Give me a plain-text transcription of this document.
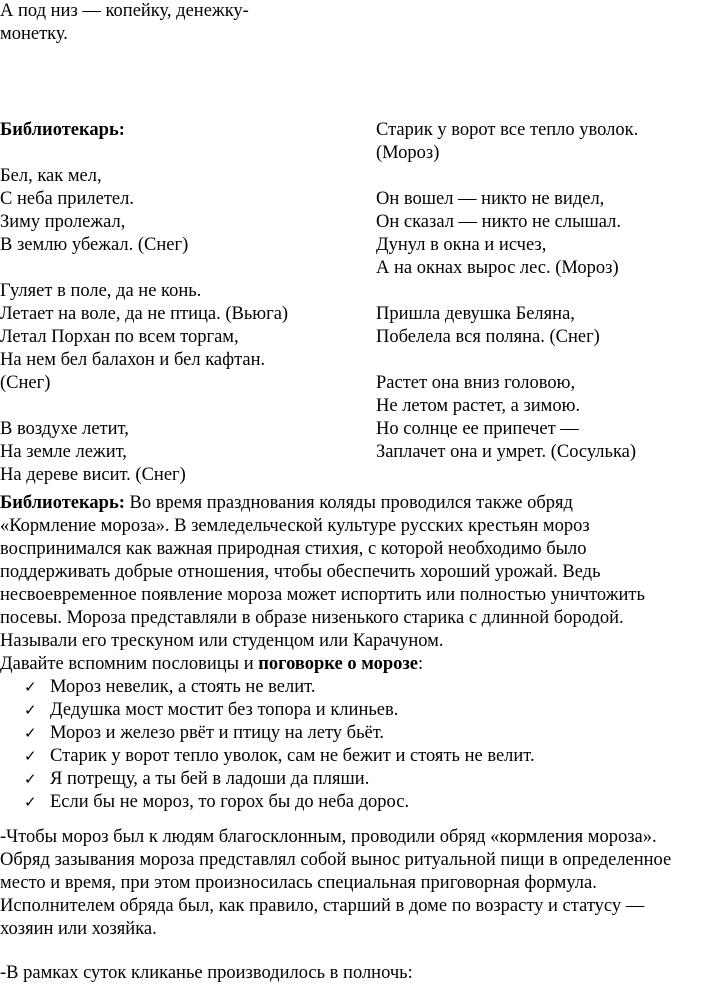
А под низ — копейку, денежку-
монетку.
Библиотекарь:
Бел, как мел,
С неба прилетел.
Зиму пролежал,
В землю убежал. (Снег)
Гуляет в поле, да не конь.
Летает на воле, да не птица. (Вьюга)
Летал Порхан по всем торгам,
На нем бел балахон и бел кафтан.
(Снег)
В воздухе летит,
На земле лежит,
На дереве висит. (Снег)
Старик у ворот все тепло уволок.
(Мороз)
Он вошел — никто не видел,
Он сказал — никто не слышал.
Дунул в окна и исчез,
А на окнах вырос лес. (Мороз)
Пришла девушка Беляна,
Побелела вся поляна. (Снег)
Растет она вниз головою,
Не летом растет, а зимою.
Но солнце ее припечет —
Заплачет она и умрет. (Сосулька)
Библиотекарь: Во время празднования коляды проводился также обряд
«Кормление мороза». В земледельческой культуре русских крестьян мороз
воспринимался как важная природная стихия, с которой необходимо было
поддерживать добрые отношения, чтобы обеспечить хороший урожай. Ведь
несвоевременное появление мороза может испортить или полностью уничтожить
посевы. Мороза представляли в образе низенького старика с длинной бородой.
Называли его трескуном или студенцом или Карачуном.
Давайте вспомним пословицы и поговорке о морозе:
✓ Мороз невелик, а стоять не велит.
✓ Дедушка мост мостит без топора и клиньев.
✓ Мороз и железо рвёт и птицу на лету бьёт.
✓ Старик у ворот тепло уволок, сам не бежит и стоять не велит.
✓ Я потрещу, а ты бей в ладоши да пляши.
✓ Если бы не мороз, то горох бы до неба дорос.
-Чтобы мороз был к людям благосклонным, проводили обряд «кормления мороза».
Обряд зазывания мороза представлял собой вынос ритуальной пищи в определенное
место и время, при этом произносилась специальная приговорная формула.
Исполнителем обряда был, как правило, старший в доме по возрасту и статусу —
хозяин или хозяйка.
-В рамках суток кликанье производилось в полночь:
